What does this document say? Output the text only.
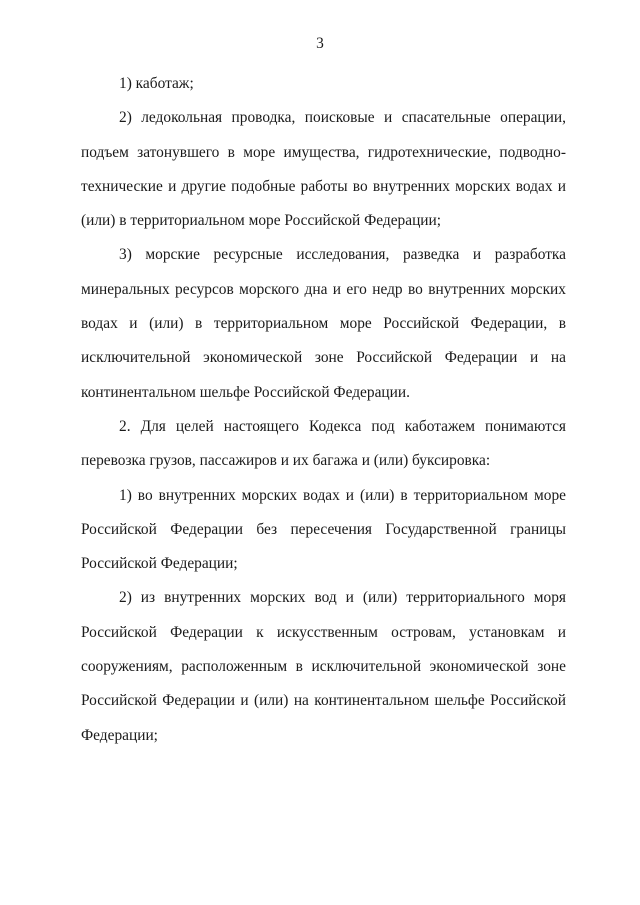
3

1) каботаж;

2) ледокольная проводка, поисковые и спасательные операции, подъем затонувшего в море имущества, гидротехнические, подводно-технические и другие подобные работы во внутренних морских водах и (или) в территориальном море Российской Федерации;

3) морские ресурсные исследования, разведка и разработка минеральных ресурсов морского дна и его недр во внутренних морских водах и (или) в территориальном море Российской Федерации, в исключительной экономической зоне Российской Федерации и на континентальном шельфе Российской Федерации.

2. Для целей настоящего Кодекса под каботажем понимаются перевозка грузов, пассажиров и их багажа и (или) буксировка:

1) во внутренних морских водах и (или) в территориальном море Российской Федерации без пересечения Государственной границы Российской Федерации;

2) из внутренних морских вод и (или) территориального моря Российской Федерации к искусственным островам, установкам и сооружениям, расположенным в исключительной экономической зоне Российской Федерации и (или) на континентальном шельфе Российской Федерации;
